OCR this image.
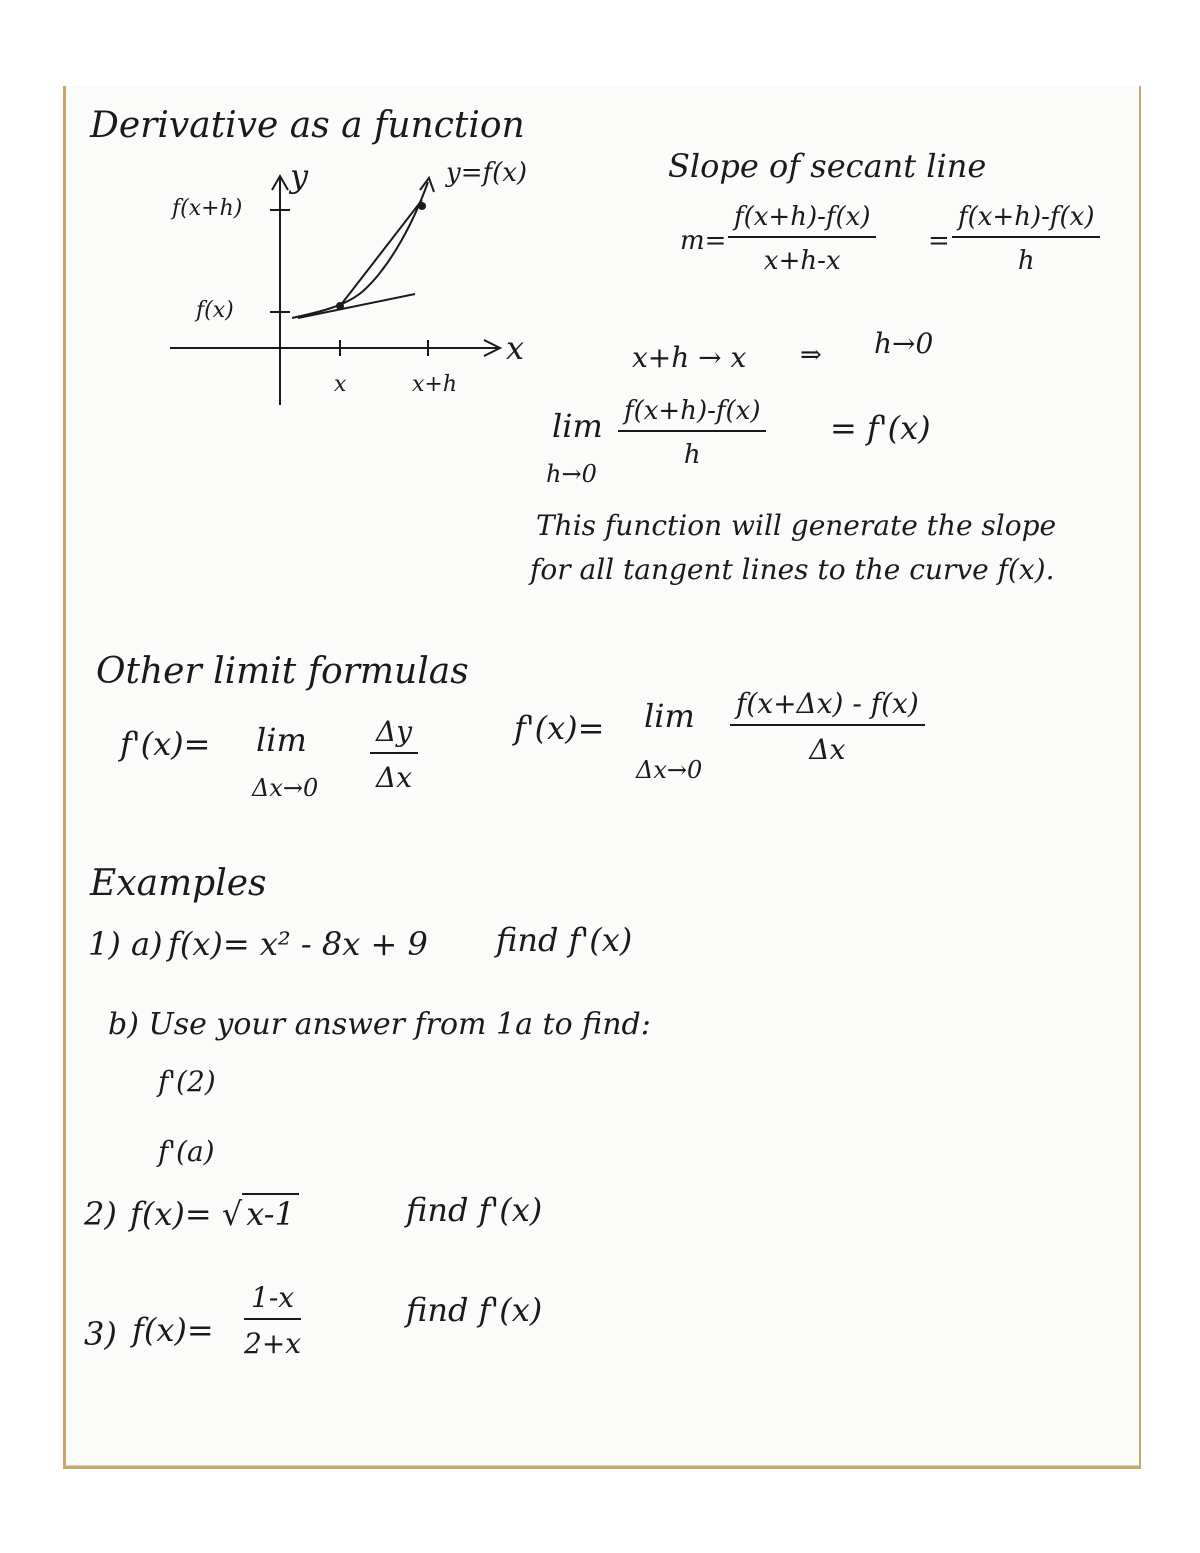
Derivative as a function
y
x
y=f(x)
f(x+h)
f(x)
x	x+h
Slope of secant line
$m= \frac{f(x+h)-f(x)}{x+h-x} = \frac{f(x+h)-f(x)}{h}$
x+h → x ⇒ h→0
lim
h→0
$\frac{f(x+h)-f(x)}{h} = f'(x)$
This function will generate the slope
for all tangent lines to the curve f(x).
Other limit formulas
f'(x)= lim
$\Delta x\to 0 \frac{\Delta y}{\Delta x}$	f'(x)= lim
Δx→0
$\frac{f(x+\Delta x) - f(x)}{\Delta x}$
Examples
1) a) f(x)= x² - 8x + 9 find f'(x)
b) Use your answer from 1a to find:
f'(2)
f'(a)
2) f(x)= √ x-1	find f'(x)
3) $f(x)= \frac{1-x}{2+x}$	find f'(x)
